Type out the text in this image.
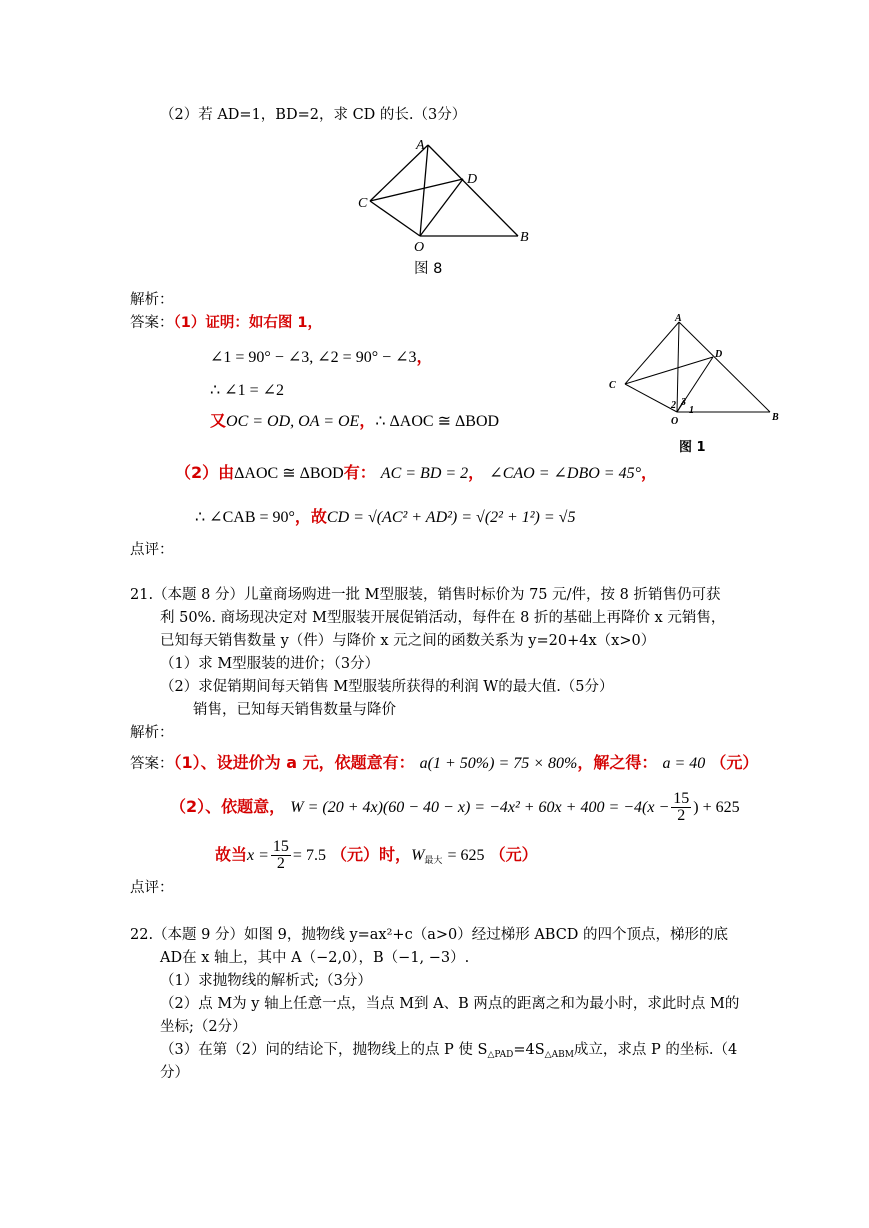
（2）若 AD=1，BD=2，求 CD 的长.（3分）
A
C
D
O
B
图 8
解析：
答案：（1）证明：如右图 1，
∠1 = 90° − ∠3, ∠2 = 90° − ∠3，
∴ ∠1 = ∠2
又OC = OD, OA = OE，∴ ΔAOC ≅ ΔBOD
A
D
C
O	B
1
2 3
图 1
（2）由ΔAOC ≅ ΔBOD有： AC = BD = 2， ∠CAO = ∠DBO = 45°，
∴ ∠CAB = 90°，故CD = √(AC² + AD²) = √(2² + 1²) = √5
点评：
21.（本题 8 分）儿童商场购进一批 M型服装，销售时标价为 75 元/件，按 8 折销售仍可获
利 50%. 商场现决定对 M型服装开展促销活动，每件在 8 折的基础上再降价 x 元销售，
已知每天销售数量 y（件）与降价 x 元之间的函数关系为 y=20+4x（x>0）
（1）求 M型服装的进价；（3分）
（2）求促销期间每天销售 M型服装所获得的利润 W的最大值.（5分）
销售，已知每天销售数量与降价
解析：
答案：（1）、设进价为 a 元，依题意有： a(1 + 50%) = 75 × 80%，解之得： a = 40 （元）
（2）、依题意， $W = (20 + 4x)(60 - 40 - x) = -4x^2 + 60x + 400 = -4(x - \frac{15}{2}$ ) + 625
故当$x = \frac{15}{2} = 7.5$ （元）时，$W_{最大} = 625$ （元）
点评：
22.（本题 9 分）如图 9，抛物线 y=ax²+c（a>0）经过梯形 ABCD 的四个顶点，梯形的底
AD在 x 轴上，其中 A（−2,0），B（−1, −3）.
（1）求抛物线的解析式;（3分）
（2）点 M为 y 轴上任意一点，当点 M到 A、B 两点的距离之和为最小时，求此时点 M的
坐标;（2分）
（3）在第（2）问的结论下，抛物线上的点 P 使 $S_{\triangle PAD}=4S_{\triangle ABM}$成立，求点 P 的坐标.（4
分）
